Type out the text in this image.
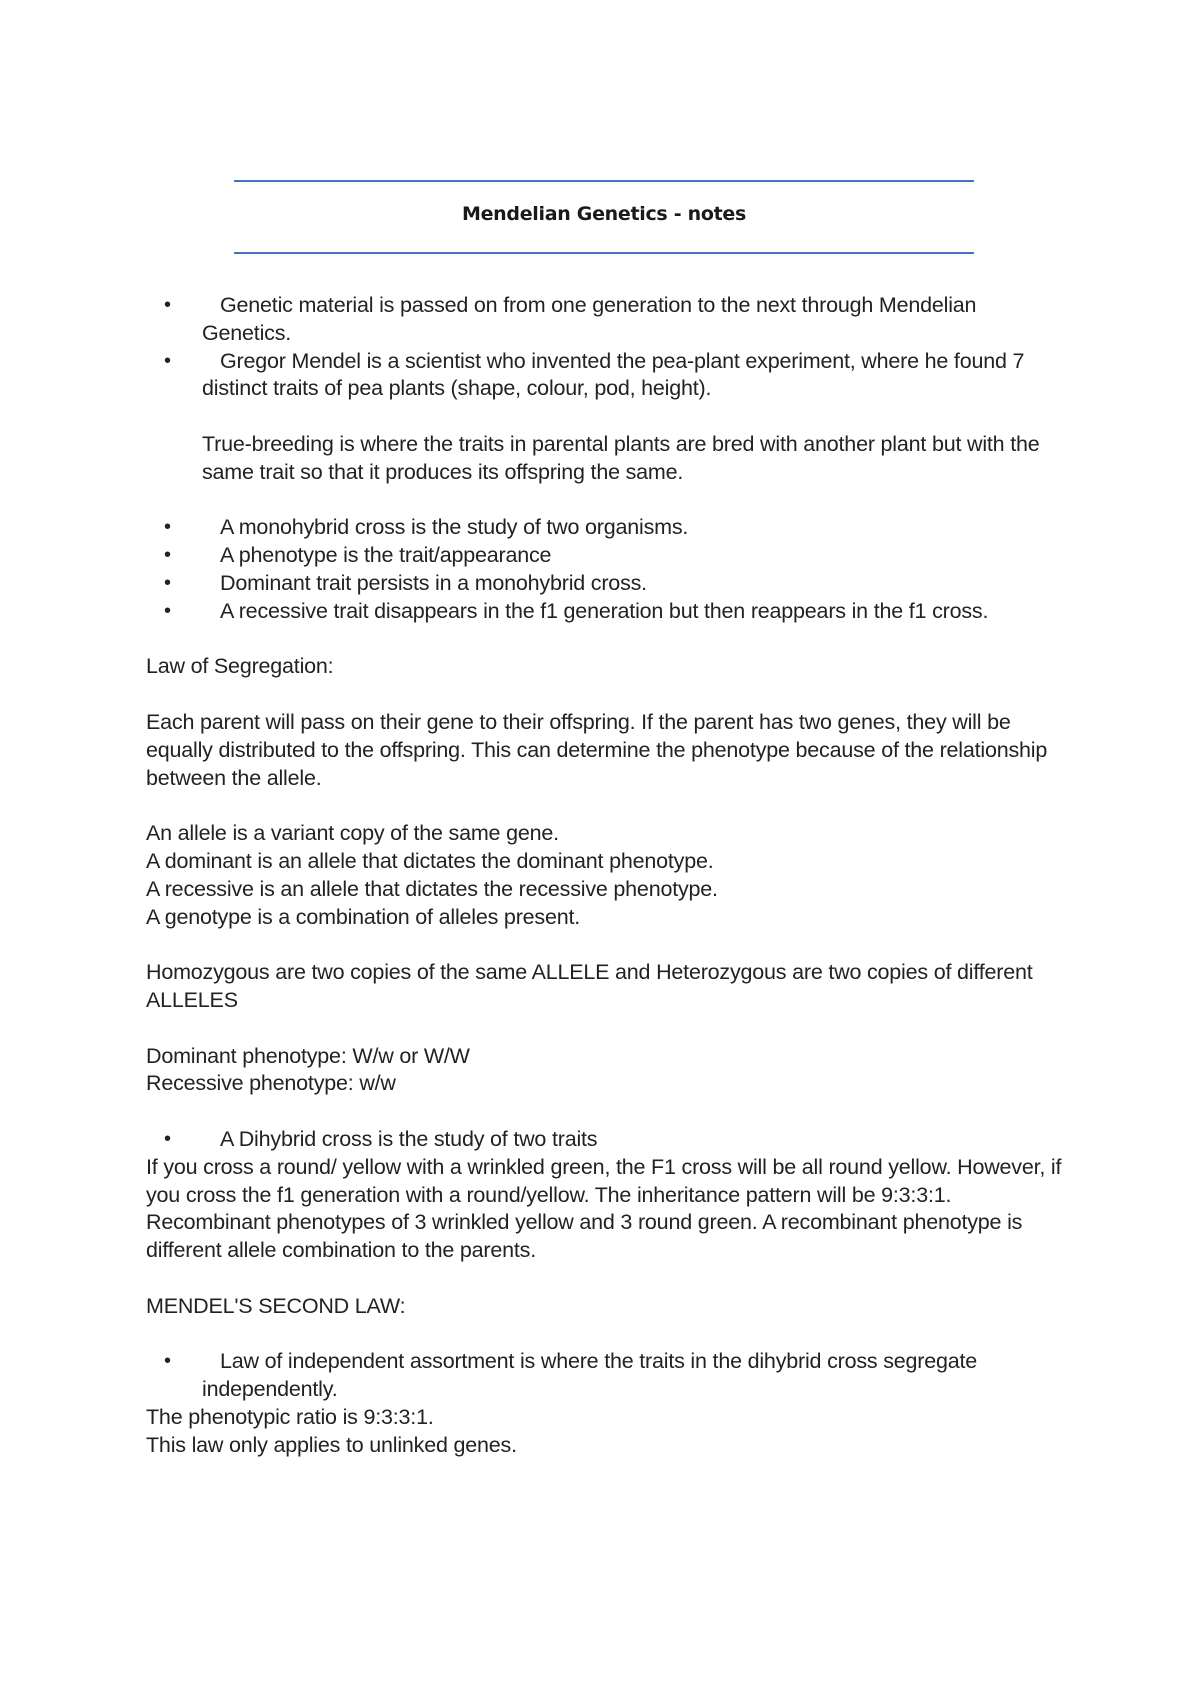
Mendelian Genetics - notes
•	Genetic material is passed on from one generation to the next through Mendelian Genetics.

•	Gregor Mendel is a scientist who invented the pea-plant experiment, where he found 7 distinct traits of pea plants (shape, colour, pod, height).

True-breeding is where the traits in parental plants are bred with another plant but with the same trait so that it produces its offspring the same.

•	A monohybrid cross is the study of two organisms.

•	A phenotype is the trait/appearance

•	Dominant trait persists in a monohybrid cross.

•	A recessive trait disappears in the f1 generation but then reappears in the f1 cross.

Law of Segregation:

Each parent will pass on their gene to their offspring. If the parent has two genes, they will be equally distributed to the offspring. This can determine the phenotype because of the relationship between the allele.

An allele is a variant copy of the same gene.

A dominant is an allele that dictates the dominant phenotype.

A recessive is an allele that dictates the recessive phenotype.

A genotype is a combination of alleles present.

Homozygous are two copies of the same ALLELE and Heterozygous are two copies of different ALLELES

Dominant phenotype: W/w or W/W

Recessive phenotype: w/w

•	A Dihybrid cross is the study of two traits

If you cross a round/ yellow with a wrinkled green, the F1 cross will be all round yellow. However, if you cross the f1 generation with a round/yellow. The inheritance pattern will be 9:3:3:1. Recombinant phenotypes of 3 wrinkled yellow and 3 round green. A recombinant phenotype is different allele combination to the parents.

MENDEL'S SECOND LAW:

•	Law of independent assortment is where the traits in the dihybrid cross segregate independently.

The phenotypic ratio is 9:3:3:1.

This law only applies to unlinked genes.
